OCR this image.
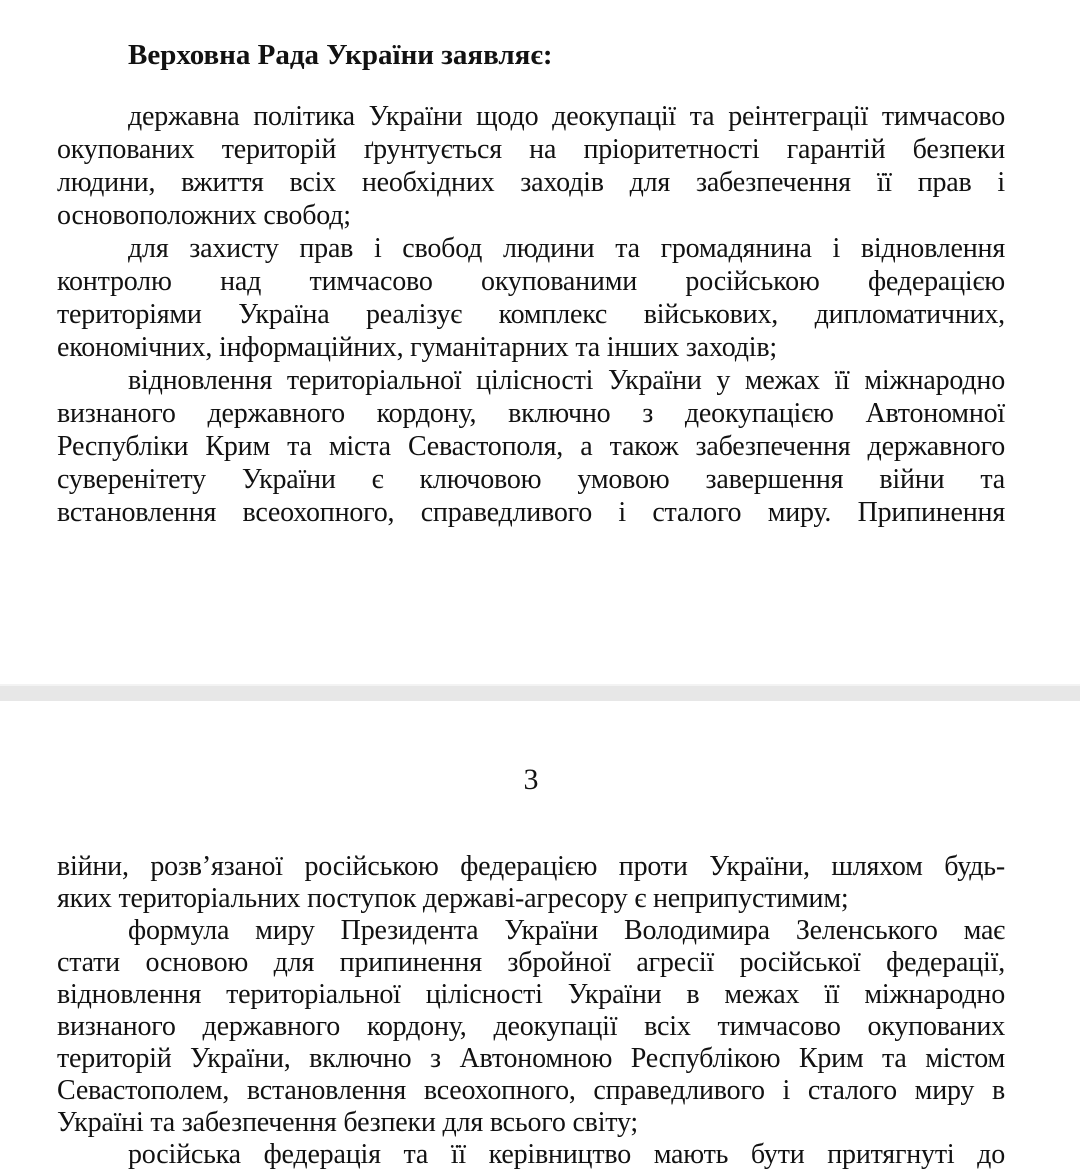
Верховна Рада України заявляє:
державна політика України щодо деокупації та реінтеграції тимчасово
окупованих територій ґрунтується на пріоритетності гарантій безпеки
людини, вжиття всіх необхідних заходів для забезпечення її прав і
основоположних свобод;
для захисту прав і свобод людини та громадянина і відновлення
контролю над тимчасово окупованими російською федерацією
територіями Україна реалізує комплекс військових, дипломатичних,
економічних, інформаційних, гуманітарних та інших заходів;
відновлення територіальної цілісності України у межах її міжнародно
визнаного державного кордону, включно з деокупацією Автономної
Республіки Крим та міста Севастополя, а також забезпечення державного
суверенітету України є ключовою умовою завершення війни та
встановлення всеохопного, справедливого і сталого миру. Припинення
3
війни, розв’язаної російською федерацією проти України, шляхом будь-
яких територіальних поступок державі-агресору є неприпустимим;
формула миру Президента України Володимира Зеленського має
стати основою для припинення збройної агресії російської федерації,
відновлення територіальної цілісності України в межах її міжнародно
визнаного державного кордону, деокупації всіх тимчасово окупованих
територій України, включно з Автономною Республікою Крим та містом
Севастополем, встановлення всеохопного, справедливого і сталого миру в
Україні та забезпечення безпеки для всього світу;
російська федерація та її керівництво мають бути притягнуті до
